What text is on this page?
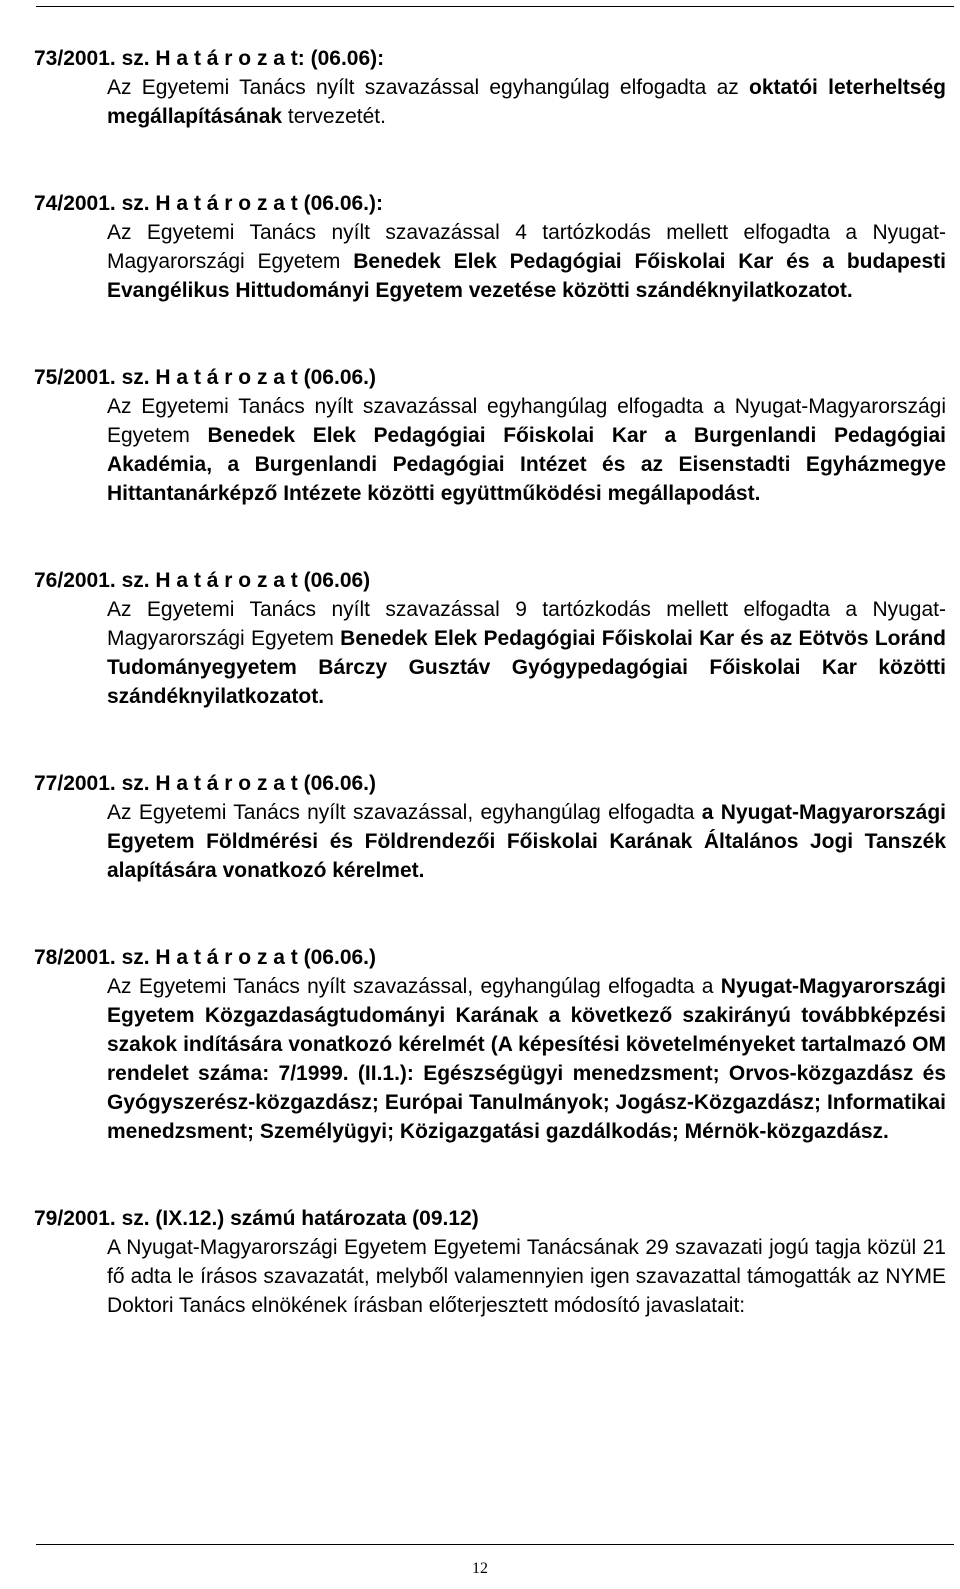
73/2001. sz. H a t á r o z a t: (06.06):
Az Egyetemi Tanács nyílt szavazással egyhangúlag elfogadta az oktatói leterheltség megállapításának tervezetét.
74/2001. sz. H a t á r o z a t (06.06.):
Az Egyetemi Tanács nyílt szavazással 4 tartózkodás mellett elfogadta a Nyugat-Magyarországi Egyetem Benedek Elek Pedagógiai Főiskolai Kar és a budapesti Evangélikus Hittudományi Egyetem vezetése közötti szándéknyilatkozatot.
75/2001. sz. H a t á r o z a t (06.06.)
Az Egyetemi Tanács nyílt szavazással egyhangúlag elfogadta a Nyugat-Magyarországi Egyetem Benedek Elek Pedagógiai Főiskolai Kar a Burgenlandi Pedagógiai Akadémia, a Burgenlandi Pedagógiai Intézet és az Eisenstadti Egyházmegye Hittantanárképző Intézete közötti együttműködési megállapodást.
76/2001. sz. H a t á r o z a t (06.06)
Az Egyetemi Tanács nyílt szavazással 9 tartózkodás mellett elfogadta a Nyugat-Magyarországi Egyetem Benedek Elek Pedagógiai Főiskolai Kar és az Eötvös Loránd Tudományegyetem Bárczy Gusztáv Gyógypedagógiai Főiskolai Kar közötti szándéknyilatkozatot.
77/2001. sz. H a t á r o z a t (06.06.)
Az Egyetemi Tanács nyílt szavazással, egyhangúlag elfogadta a Nyugat-Magyarországi Egyetem Földmérési és Földrendezői Főiskolai Karának Általános Jogi Tanszék alapítására vonatkozó kérelmet.
78/2001. sz. H a t á r o z a t (06.06.)
Az Egyetemi Tanács nyílt szavazással, egyhangúlag elfogadta a Nyugat-Magyarországi Egyetem Közgazdaságtudományi Karának a következő szakirányú továbbképzési szakok indítására vonatkozó kérelmét (A képesítési követelményeket tartalmazó OM rendelet száma: 7/1999. (II.1.): Egészségügyi menedzsment; Orvos-közgazdász és Gyógyszerész-közgazdász; Európai Tanulmányok; Jogász-Közgazdász; Informatikai menedzsment; Személyügyi; Közigazgatási gazdálkodás; Mérnök-közgazdász.
79/2001. sz. (IX.12.) számú határozata (09.12)
A Nyugat-Magyarországi Egyetem Egyetemi Tanácsának 29 szavazati jogú tagja közül 21 fő adta le írásos szavazatát, melyből valamennyien igen szavazattal támogatták az NYME Doktori Tanács elnökének írásban előterjesztett módosító javaslatait:
12
